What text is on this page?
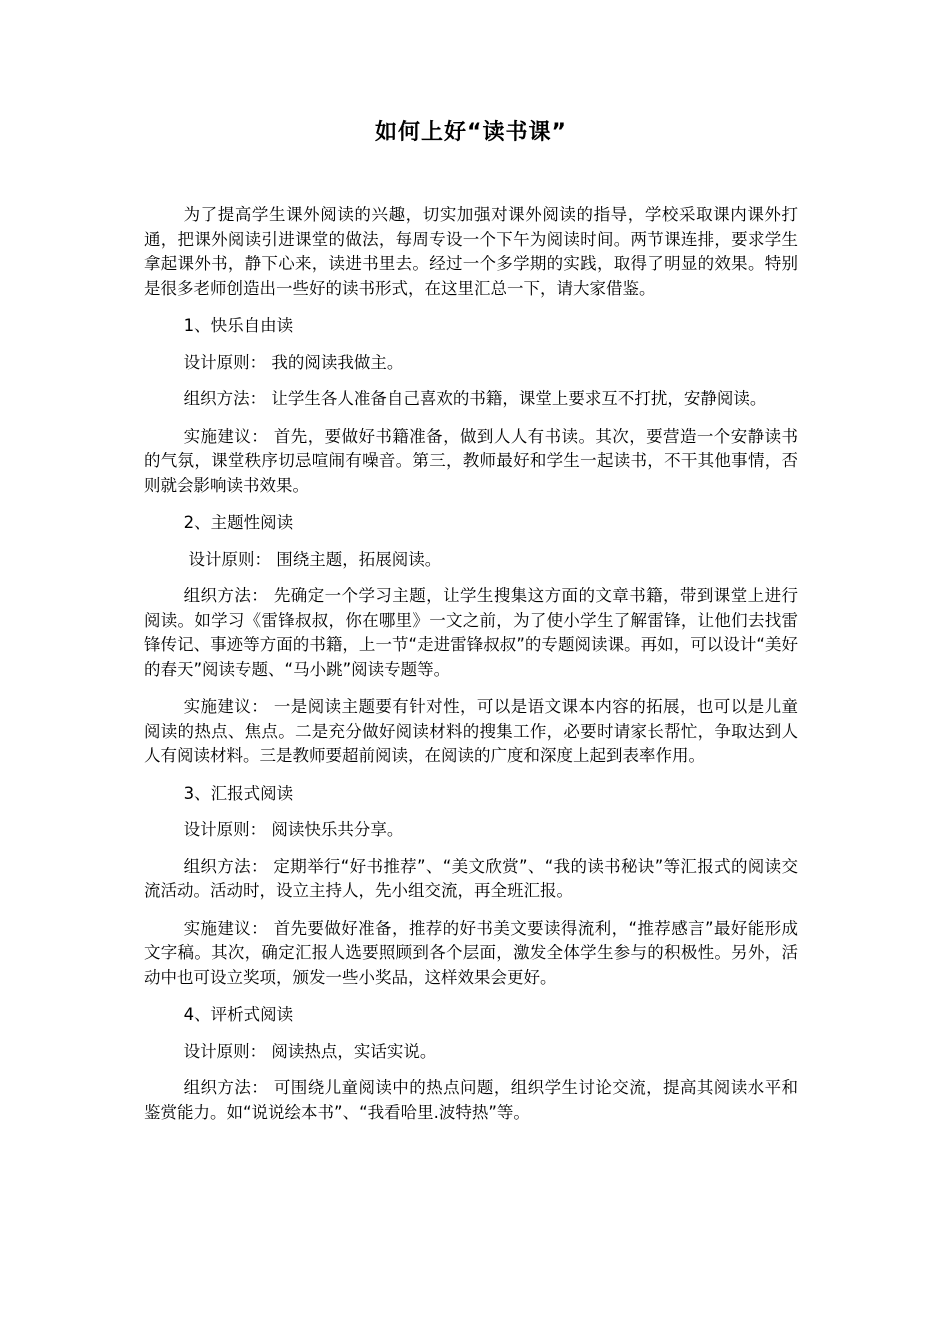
如何上好“读书课”

为了提高学生课外阅读的兴趣，切实加强对课外阅读的指导，学校采取课内课外打通，把课外阅读引进课堂的做法，每周专设一个下午为阅读时间。两节课连排，要求学生拿起课外书，静下心来，读进书里去。经过一个多学期的实践，取得了明显的效果。特别是很多老师创造出一些好的读书形式，在这里汇总一下，请大家借鉴。

1、快乐自由读

设计原则： 我的阅读我做主。

组织方法： 让学生各人准备自己喜欢的书籍，课堂上要求互不打扰，安静阅读。

实施建议： 首先，要做好书籍准备，做到人人有书读。其次，要营造一个安静读书的气氛，课堂秩序切忌喧闹有噪音。第三，教师最好和学生一起读书，不干其他事情，否则就会影响读书效果。

2、主题性阅读

设计原则： 围绕主题，拓展阅读。

组织方法： 先确定一个学习主题，让学生搜集这方面的文章书籍，带到课堂上进行阅读。如学习《雷锋叔叔，你在哪里》一文之前，为了使小学生了解雷锋，让他们去找雷锋传记、事迹等方面的书籍，上一节“走进雷锋叔叔”的专题阅读课。再如，可以设计“美好的春天”阅读专题、“马小跳”阅读专题等。

实施建议： 一是阅读主题要有针对性，可以是语文课本内容的拓展，也可以是儿童阅读的热点、焦点。二是充分做好阅读材料的搜集工作，必要时请家长帮忙，争取达到人人有阅读材料。三是教师要超前阅读，在阅读的广度和深度上起到表率作用。

3、汇报式阅读

设计原则： 阅读快乐共分享。

组织方法： 定期举行“好书推荐”、“美文欣赏”、“我的读书秘诀”等汇报式的阅读交流活动。活动时，设立主持人，先小组交流，再全班汇报。

实施建议： 首先要做好准备，推荐的好书美文要读得流利，“推荐感言”最好能形成文字稿。其次，确定汇报人选要照顾到各个层面，激发全体学生参与的积极性。另外，活动中也可设立奖项，颁发一些小奖品，这样效果会更好。

4、评析式阅读

设计原则： 阅读热点，实话实说。

组织方法： 可围绕儿童阅读中的热点问题，组织学生讨论交流，提高其阅读水平和鉴赏能力。如“说说绘本书”、“我看哈里.波特热”等。
